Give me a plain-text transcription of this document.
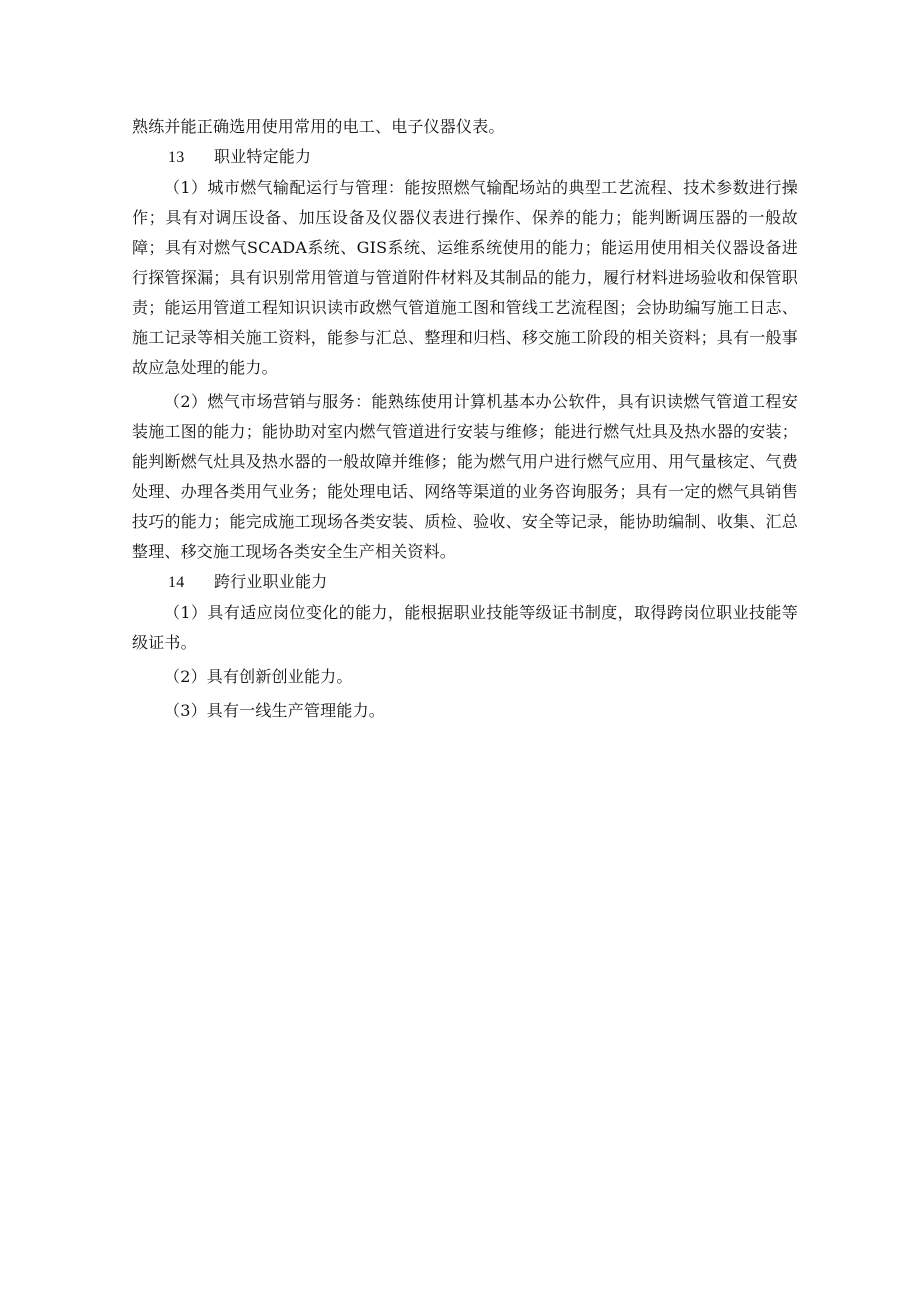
熟练并能正确选用使用常用的电工、电子仪器仪表。

13	职业特定能力

（1）城市燃气输配运行与管理：能按照燃气输配场站的典型工艺流程、技术参数进行操作；具有对调压设备、加压设备及仪器仪表进行操作、保养的能力；能判断调压器的一般故障；具有对燃气SCADA系统、GIS系统、运维系统使用的能力；能运用使用相关仪器设备进行探管探漏；具有识别常用管道与管道附件材料及其制品的能力，履行材料进场验收和保管职责；能运用管道工程知识识读市政燃气管道施工图和管线工艺流程图；会协助编写施工日志、施工记录等相关施工资料，能参与汇总、整理和归档、移交施工阶段的相关资料；具有一般事故应急处理的能力。

（2）燃气市场营销与服务：能熟练使用计算机基本办公软件，具有识读燃气管道工程安装施工图的能力；能协助对室内燃气管道进行安装与维修；能进行燃气灶具及热水器的安装；能判断燃气灶具及热水器的一般故障并维修；能为燃气用户进行燃气应用、用气量核定、气费处理、办理各类用气业务；能处理电话、网络等渠道的业务咨询服务；具有一定的燃气具销售技巧的能力；能完成施工现场各类安装、质检、验收、安全等记录，能协助编制、收集、汇总整理、移交施工现场各类安全生产相关资料。

14	跨行业职业能力

（1）具有适应岗位变化的能力，能根据职业技能等级证书制度，取得跨岗位职业技能等级证书。

（2）具有创新创业能力。

（3）具有一线生产管理能力。
